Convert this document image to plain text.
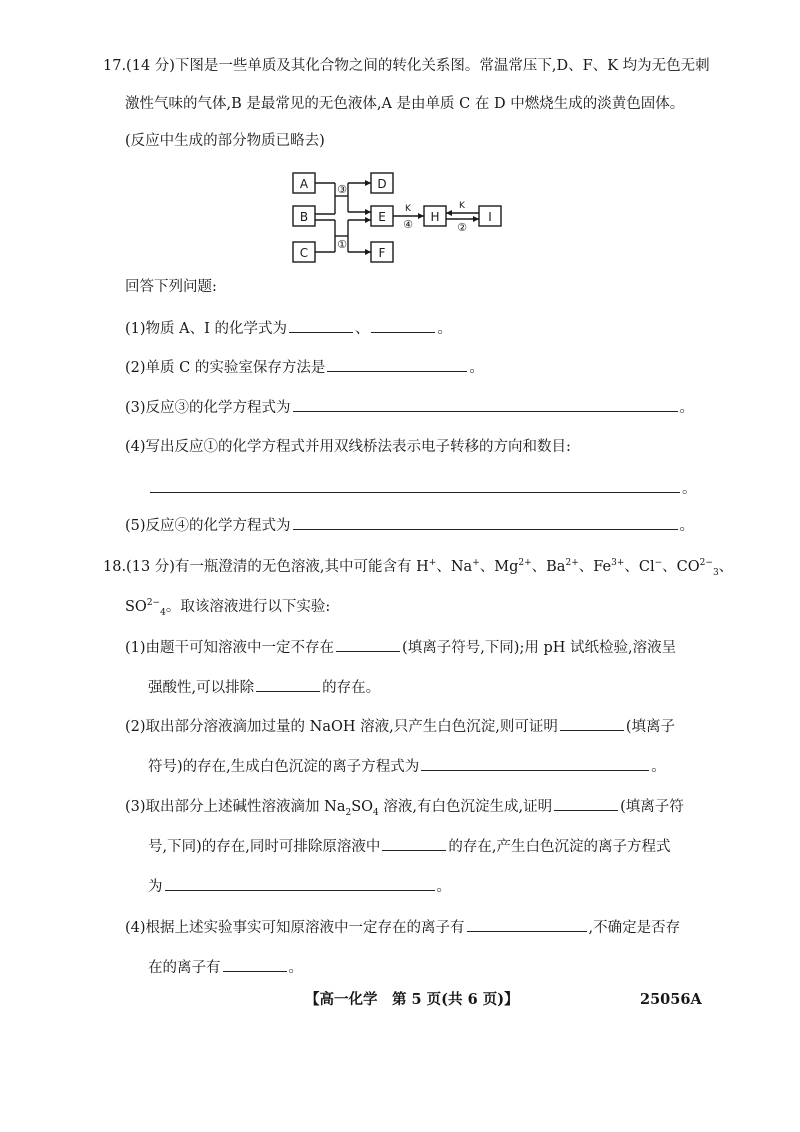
17.(14 分)下图是一些单质及其化合物之间的转化关系图。常温常压下,D、F、K 均为无色无刺
激性气味的气体,B 是最常见的无色液体,A 是由单质 C 在 D 中燃烧生成的淡黄色固体。
(反应中生成的部分物质已略去)
A
B
C
D
E
F
H	I
③
①
K
④
K
②
回答下列问题:
(1)物质 A、I 的化学式为	、	。
(2)单质 C 的实验室保存方法是	。
(3)反应③的化学方程式为	。
(4)写出反应①的化学方程式并用双线桥法表示电子转移的方向和数目:
。
(5)反应④的化学方程式为	。
18.(13 分)有一瓶澄清的无色溶液,其中可能含有 H+、Na+、$Mg^{2+}$、$Ba^{2+}$、$Fe^{3+}$、Cl−、$CO^{2-}_3$、
$SO^{2-}_4$。取该溶液进行以下实验:
(1)由题干可知溶液中一定不存在	(填离子符号,下同);用 pH 试纸检验,溶液呈
强酸性,可以排除	的存在。
(2)取出部分溶液滴加过量的 NaOH 溶液,只产生白色沉淀,则可证明	(填离子
符号)的存在,生成白色沉淀的离子方程式为	。
(3)取出部分上述碱性溶液滴加 $Na_2SO_4$ 溶液,有白色沉淀生成,证明	(填离子符
号,下同)的存在,同时可排除原溶液中	的存在,产生白色沉淀的离子方程式
为	。
(4)根据上述实验事实可知原溶液中一定存在的离子有	,不确定是否存
在的离子有	。
【高一化学　第 5 页(共 6 页)】	25056A
